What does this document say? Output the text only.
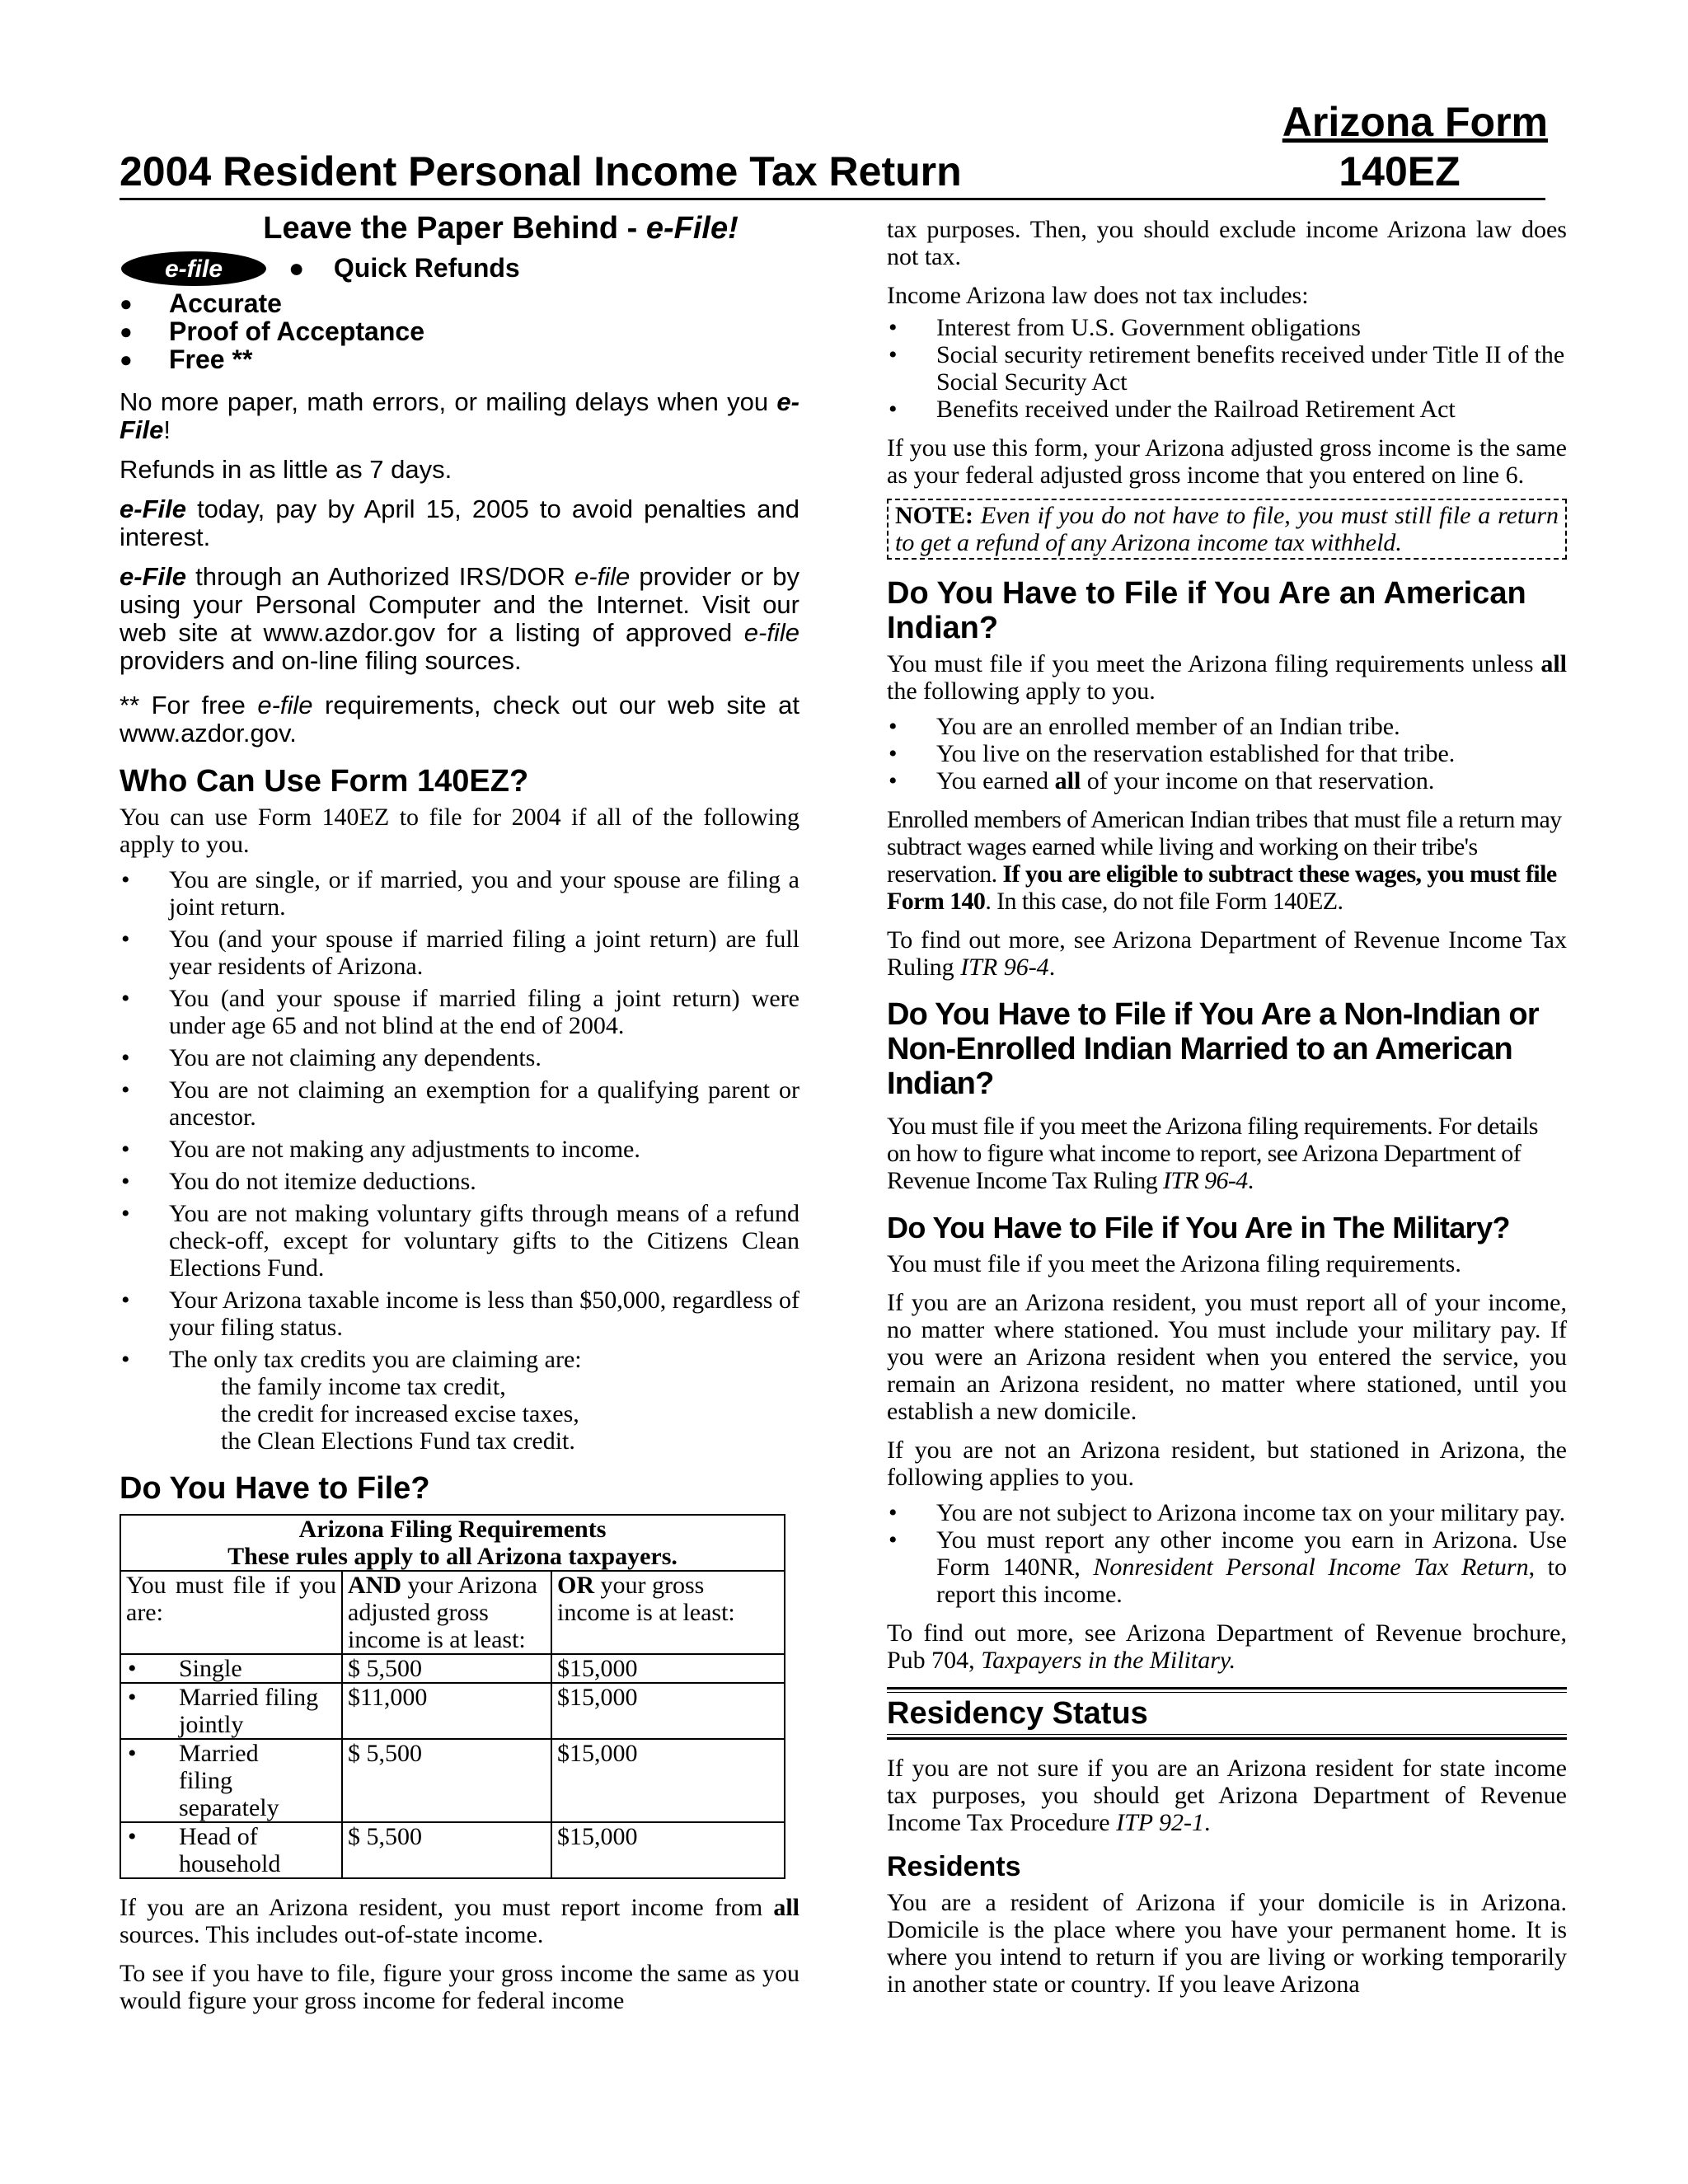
Arizona Form
140EZ
2004 Resident Personal Income Tax Return
Leave the Paper Behind - e-File!
e-file ●    Quick Refunds
● Accurate
● Proof of Acceptance
● Free **

No more paper, math errors, or mailing delays when you e-File!

Refunds in as little as 7 days.

e-File today, pay by April 15, 2005 to avoid penalties and interest.

e-File through an Authorized IRS/DOR e-file provider or by using your Personal Computer and the Internet. Visit our web site at www.azdor.gov for a listing of approved e-file providers and on-line filing sources.

** For free e-file requirements, check out our web site at www.azdor.gov.

Who Can Use Form 140EZ?

You can use Form 140EZ to file for 2004 if all of the following apply to you.

• You are single, or if married, you and your spouse are filing a joint return.
• You (and your spouse if married filing a joint return) are full year residents of Arizona.
• You (and your spouse if married filing a joint return) were under age 65 and not blind at the end of 2004.
• You are not claiming any dependents.
• You are not claiming an exemption for a qualifying parent or ancestor.
• You are not making any adjustments to income.
• You do not itemize deductions.
• You are not making voluntary gifts through means of a refund check-off, except for voluntary gifts to the Citizens Clean Elections Fund.
• Your Arizona taxable income is less than $50,000, regardless of your filing status.
• The only tax credits you are claiming are:
the family income tax credit,
the credit for increased excise taxes,
the Clean Elections Fund tax credit.
Do You Have to File?
Arizona Filing Requirements
These rules apply to all Arizona taxpayers.		

You must file if you are:	AND your Arizona adjusted gross income is at least:	OR your gross income is at least:

• Single	$ 5,500	$15,000

• Married filing jointly	$11,000	$15,000

• Married filing separately	$ 5,500	$15,000

• Head of household	$ 5,500	$15,000

If you are an Arizona resident, you must report income from all sources. This includes out-of-state income.

To see if you have to file, figure your gross income the same as you would figure your gross income for federal income

tax purposes. Then, you should exclude income Arizona law does not tax.

Income Arizona law does not tax includes:

• Interest from U.S. Government obligations
• Social security retirement benefits received under Title II of the Social Security Act
• Benefits received under the Railroad Retirement Act

If you use this form, your Arizona adjusted gross income is the same as your federal adjusted gross income that you entered on line 6.

NOTE: Even if you do not have to file, you must still file a return to get a refund of any Arizona income tax withheld.
Do You Have to File if You Are an American Indian?

You must file if you meet the Arizona filing requirements unless all the following apply to you.

• You are an enrolled member of an Indian tribe.
• You live on the reservation established for that tribe.
• You earned all of your income on that reservation.

Enrolled members of American Indian tribes that must file a return may subtract wages earned while living and working on their tribe's reservation. If you are eligible to subtract these wages, you must file Form 140. In this case, do not file Form 140EZ.

To find out more, see Arizona Department of Revenue Income Tax Ruling ITR 96-4.

Do You Have to File if You Are a Non-Indian or Non-Enrolled Indian Married to an American Indian?

You must file if you meet the Arizona filing requirements. For details on how to figure what income to report, see Arizona Department of Revenue Income Tax Ruling ITR 96-4.

Do You Have to File if You Are in The Military?

You must file if you meet the Arizona filing requirements.

If you are an Arizona resident, you must report all of your income, no matter where stationed. You must include your military pay. If you were an Arizona resident when you entered the service, you remain an Arizona resident, no matter where stationed, until you establish a new domicile.

If you are not an Arizona resident, but stationed in Arizona, the following applies to you.

• You are not subject to Arizona income tax on your military pay.
• You must report any other income you earn in Arizona. Use Form 140NR, Nonresident Personal Income Tax Return, to report this income.

To find out more, see Arizona Department of Revenue brochure, Pub 704, Taxpayers in the Military.

Residency Status

If you are not sure if you are an Arizona resident for state income tax purposes, you should get Arizona Department of Revenue Income Tax Procedure ITP 92-1.

Residents

You are a resident of Arizona if your domicile is in Arizona. Domicile is the place where you have your permanent home. It is where you intend to return if you are living or working temporarily in another state or country. If you leave Arizona
